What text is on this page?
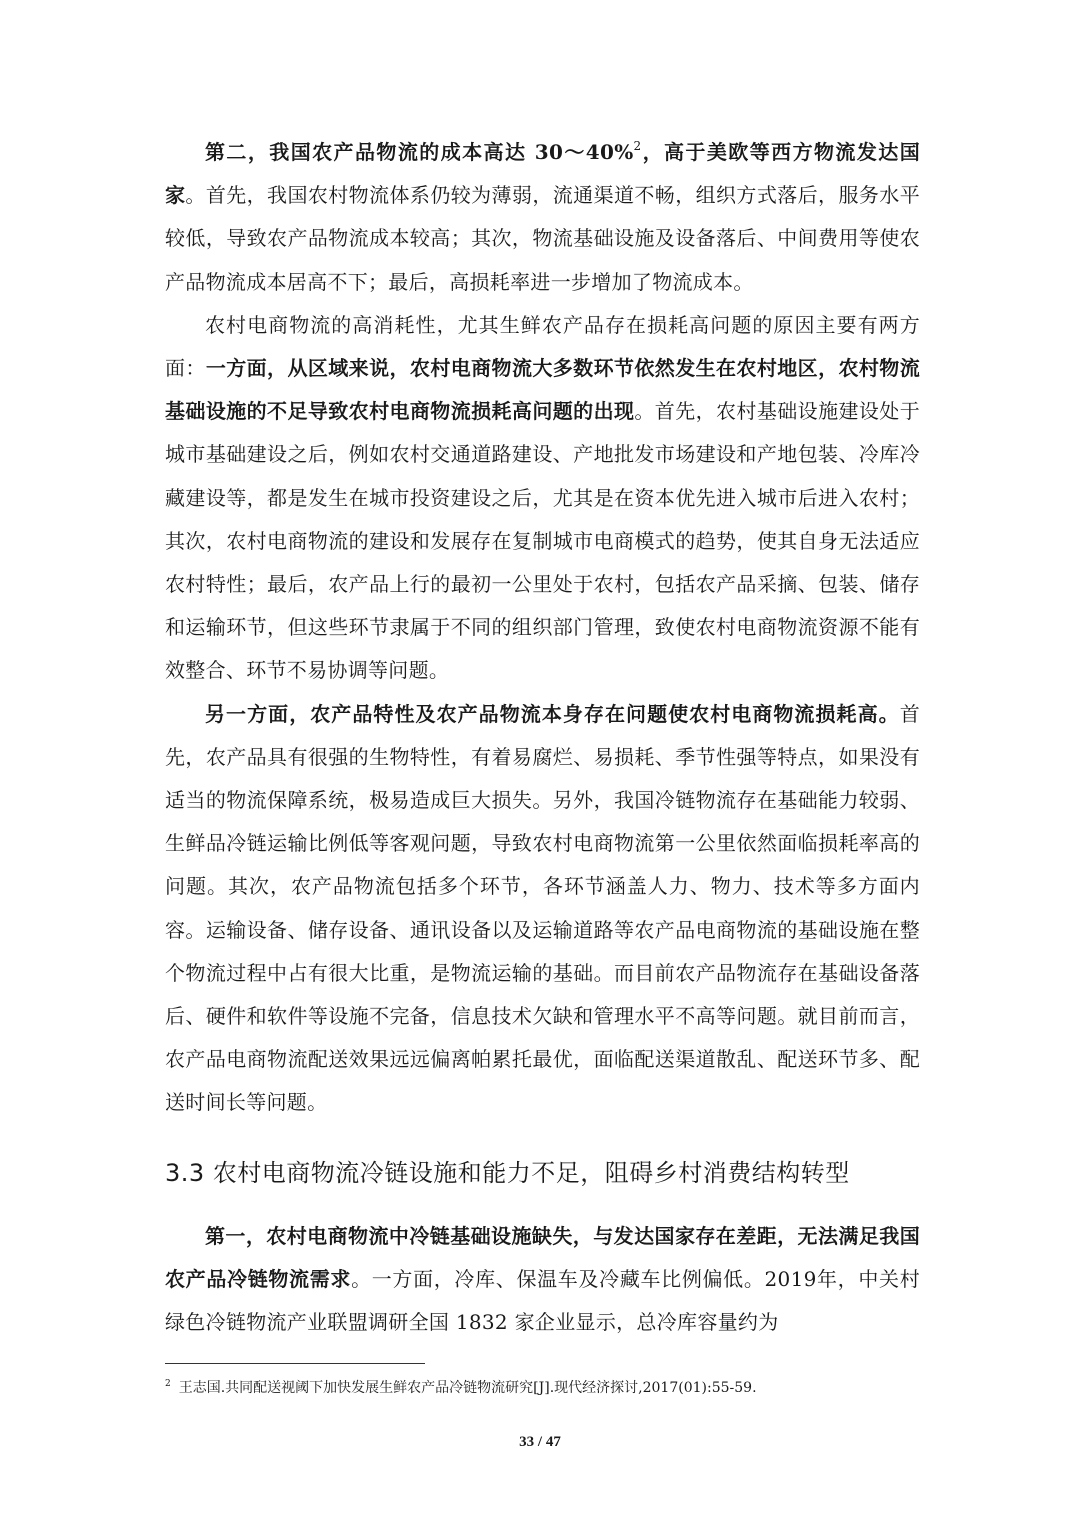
第二，我国农产品物流的成本高达 30～40%$^2$，高于美欧等西方物流发达国家。首先，我国农村物流体系仍较为薄弱，流通渠道不畅，组织方式落后，服务水平较低，导致农产品物流成本较高；其次，物流基础设施及设备落后、中间费用等使农产品物流成本居高不下；最后，高损耗率进一步增加了物流成本。

农村电商物流的高消耗性，尤其生鲜农产品存在损耗高问题的原因主要有两方面：一方面，从区域来说，农村电商物流大多数环节依然发生在农村地区，农村物流基础设施的不足导致农村电商物流损耗高问题的出现。首先，农村基础设施建设处于城市基础建设之后，例如农村交通道路建设、产地批发市场建设和产地包装、冷库冷藏建设等，都是发生在城市投资建设之后，尤其是在资本优先进入城市后进入农村；其次，农村电商物流的建设和发展存在复制城市电商模式的趋势，使其自身无法适应农村特性；最后，农产品上行的最初一公里处于农村，包括农产品采摘、包装、储存和运输环节，但这些环节隶属于不同的组织部门管理，致使农村电商物流资源不能有效整合、环节不易协调等问题。

另一方面，农产品特性及农产品物流本身存在问题使农村电商物流损耗高。首先，农产品具有很强的生物特性，有着易腐烂、易损耗、季节性强等特点，如果没有适当的物流保障系统，极易造成巨大损失。另外，我国冷链物流存在基础能力较弱、生鲜品冷链运输比例低等客观问题，导致农村电商物流第一公里依然面临损耗率高的问题。其次，农产品物流包括多个环节，各环节涵盖人力、物力、技术等多方面内容。运输设备、储存设备、通讯设备以及运输道路等农产品电商物流的基础设施在整个物流过程中占有很大比重，是物流运输的基础。而目前农产品物流存在基础设备落后、硬件和软件等设施不完备，信息技术欠缺和管理水平不高等问题。就目前而言，农产品电商物流配送效果远远偏离帕累托最优，面临配送渠道散乱、配送环节多、配送时间长等问题。

3.3 农村电商物流冷链设施和能力不足，阻碍乡村消费结构转型

第一，农村电商物流中冷链基础设施缺失，与发达国家存在差距，无法满足我国农产品冷链物流需求。一方面，冷库、保温车及冷藏车比例偏低。2019年，中关村绿色冷链物流产业联盟调研全国 1832 家企业显示，总冷库容量约为

$^2$ 王志国.共同配送视阈下加快发展生鲜农产品冷链物流研究[J].现代经济探讨,2017(01):55-59.
33 / 47
